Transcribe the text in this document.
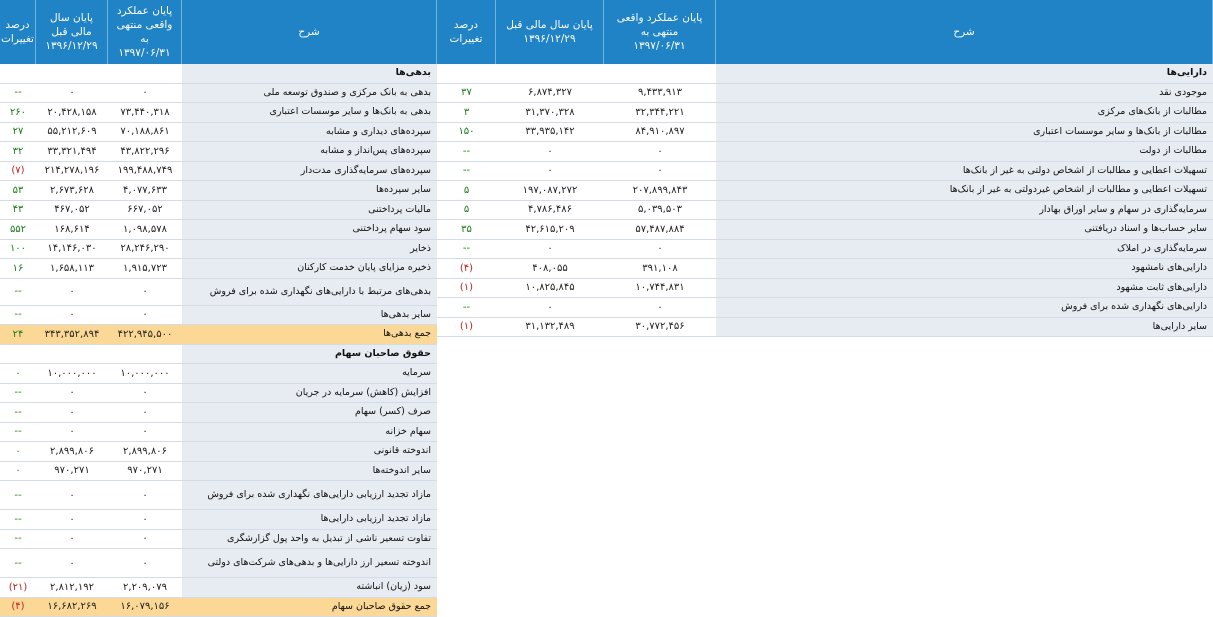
شرح
پایان عملکرد واقعی
منتهی به
۱۳۹۷/۰۶/۳۱
پایان سال مالی قبل
۱۳۹۶/۱۲/۲۹
درصد
تغییرات
شرح
پایان عملکرد
واقعی منتهی
به
۱۳۹۷/۰۶/۳۱
پایان سال
مالی قبل
۱۳۹۶/۱۲/۲۹
درصد
تغییرات
دارایی‌ها
موجودی نقد
۹,۴۳۳,۹۱۳
۶,۸۷۴,۳۲۷
۳۷
مطالبات از بانک‌های مرکزی
۳۲,۳۴۴,۲۲۱
۳۱,۳۷۰,۳۲۸
۳
مطالبات از بانک‌ها و سایر موسسات اعتباری
۸۴,۹۱۰,۸۹۷
۳۳,۹۳۵,۱۴۲
۱۵۰
مطالبات از دولت
۰
۰
--
تسهیلات اعطایی و مطالبات از اشخاص دولتی به غیر از بانک‌ها
۰
۰
--
تسهیلات اعطایی و مطالبات از اشخاص غیردولتی به غیر از بانک‌ها
۲۰۷,۸۹۹,۸۴۳
۱۹۷,۰۸۷,۲۷۲
۵
سرمایه‌گذاری در سهام و سایر اوراق بهادار
۵,۰۳۹,۵۰۳
۴,۷۸۶,۴۸۶
۵
سایر حساب‌ها و اسناد دریافتنی
۵۷,۴۸۷,۸۸۴
۴۲,۶۱۵,۲۰۹
۳۵
سرمایه‌گذاری در املاک
۰
۰
--
دارایی‌های نامشهود
۳۹۱,۱۰۸
۴۰۸,۰۵۵
(۴)
دارایی‌های ثابت مشهود
۱۰,۷۴۴,۸۳۱
۱۰,۸۲۵,۸۴۵
(۱)
دارایی‌های نگهداری شده برای فروش
۰
۰
--
سایر دارایی‌ها
۳۰,۷۷۲,۴۵۶
۳۱,۱۳۲,۴۸۹
(۱)
بدهی‌ها
بدهی به بانک مرکزی و صندوق توسعه ملی
۰
۰
--
بدهی به بانک‌ها و سایر موسسات اعتباری
۷۳,۴۴۰,۳۱۸
۲۰,۴۲۸,۱۵۸
۲۶۰
سپرده‌های دیداری و مشابه
۷۰,۱۸۸,۸۶۱
۵۵,۲۱۲,۶۰۹
۲۷
سپرده‌های پس‌انداز و مشابه
۴۳,۸۲۲,۲۹۶
۳۳,۳۲۱,۴۹۴
۳۲
سپرده‌های سرمایه‌گذاری مدت‌دار
۱۹۹,۴۸۸,۷۴۹
۲۱۴,۲۷۸,۱۹۶
(۷)
سایر سپرده‌ها
۴,۰۷۷,۶۳۳
۲,۶۷۳,۶۲۸
۵۳
مالیات پرداختنی
۶۶۷,۰۵۲
۴۶۷,۰۵۲
۴۳
سود سهام پرداختنی
۱,۰۹۸,۵۷۸
۱۶۸,۶۱۴
۵۵۲
ذخایر
۲۸,۲۴۶,۲۹۰
۱۴,۱۴۶,۰۳۰
۱۰۰
ذخیره مزایای پایان خدمت کارکنان
۱,۹۱۵,۷۲۳
۱,۶۵۸,۱۱۳
۱۶
بدهی‌های مرتبط با دارایی‌های نگهداری شده برای فروش
۰
۰
--
سایر بدهی‌ها
۰
۰
--
جمع بدهی‌ها
۴۲۲,۹۴۵,۵۰۰
۳۴۳,۳۵۲,۸۹۴
۲۴
حقوق صاحبان سهام
سرمایه
۱۰,۰۰۰,۰۰۰
۱۰,۰۰۰,۰۰۰
۰
افزایش (کاهش) سرمایه در جریان
۰
۰
--
صرف (کسر) سهام
۰
۰
--
سهام خزانه
۰
۰
--
اندوخته قانونی
۲,۸۹۹,۸۰۶
۲,۸۹۹,۸۰۶
۰
سایر اندوخته‌ها
۹۷۰,۲۷۱
۹۷۰,۲۷۱
۰
مازاد تجدید ارزیابی دارایی‌های نگهداری شده برای فروش
۰
۰
--
مازاد تجدید ارزیابی دارایی‌ها
۰
۰
--
تفاوت تسعیر ناشی از تبدیل به واحد پول گزارشگری
۰
۰
--
اندوخته تسعیر ارز دارایی‌ها و بدهی‌های شرکت‌های دولتی
۰
۰
--
سود (زیان) انباشته
۲,۲۰۹,۰۷۹
۲,۸۱۲,۱۹۲
(۲۱)
جمع حقوق صاحبان سهام
۱۶,۰۷۹,۱۵۶
۱۶,۶۸۲,۲۶۹
(۴)
